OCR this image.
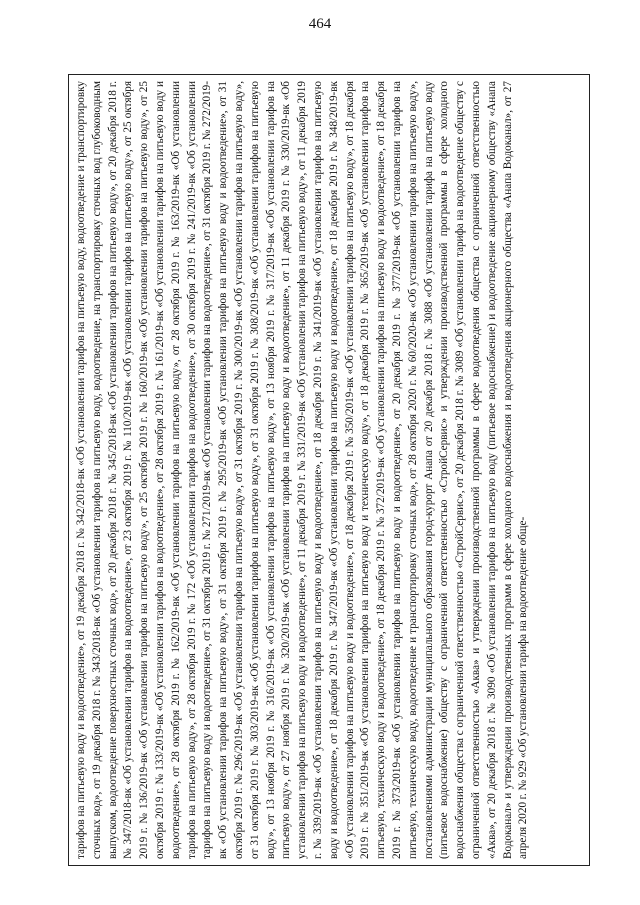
464

тарифов на питьевую воду и водоотведение», от 19 декабря 2018 г. № 342/2018-вк «Об установлении тарифов на питьевую воду, водоотведение и транспортировку сточных вод», от 19 декабря 2018 г. № 343/2018-вк «Об установлении тарифов на питьевую воду, водоотведение, на транспортировку сточных вод глубоководным выпуском, водоотведение поверхностных сточных вод», от 20 декабря 2018 г. № 345/2018-вк «Об установлении тарифов на питьевую воду», от 20 декабря 2018 г. № 347/2018-вк «Об установлении тарифов на водоотведение», от 23 октября 2019 г. № 110/2019-вк «Об установлении тарифов на питьевую воду», от 25 октября 2019 г. № 136/2019-вк «Об установлении тарифов на питьевую воду», от 25 октября 2019 г. № 160/2019-вк «Об установлении тарифов на питьевую воду», от 25 октября 2019 г. № 133/2019-вк «Об установлении тарифов на водоотведение», от 28 октября 2019 г. № 161/2019-вк «Об установлении тарифов на питьевую воду и водоотведение», от 28 октября 2019 г. № 162/2019-вк «Об установлении тарифов на питьевую воду», от 28 октября 2019 г. № 163/2019-вк «Об установлении тарифов на питьевую воду», от 28 октября 2019 г. № 172 «Об установлении тарифов на водоотведение», от 30 октября 2019 г. № 241/2019-вк «Об установлении тарифов на питьевую воду и водоотведение», от 31 октября 2019 г. № 271/2019-вк «Об установлении тарифов на водоотведение», от 31 октября 2019 г. № 272/2019-вк «Об установлении тарифов на питьевую воду», от 31 октября 2019 г. № 295/2019-вк «Об установлении тарифов на питьевую воду и водоотведение», от 31 октября 2019 г. № 296/2019-вк «Об установлении тарифов на питьевую воду», от 31 октября 2019 г. № 300/2019-вк «Об установлении тарифов на питьевую воду», от 31 октября 2019 г. № 303/2019-вк «Об установлении тарифов на питьевую воду», от 31 октября 2019 г. № 308/2019-вк «Об установлении тарифов на питьевую воду», от 13 ноября 2019 г. № 316/2019-вк «Об установлении тарифов на питьевую воду», от 13 ноября 2019 г. № 317/2019-вк «Об установлении тарифов на питьевую воду», от 27 ноября 2019 г. № 320/2019-вк «Об установлении тарифов на питьевую воду и водоотведение», от 11 декабря 2019 г. № 330/2019-вк «Об установлении тарифов на питьевую воду и водоотведение», от 11 декабря 2019 г. № 331/2019-вк «Об установлении тарифов на питьевую воду», от 11 декабря 2019 г. № 339/2019-вк «Об установлении тарифов на питьевую воду и водоотведение», от 18 декабря 2019 г. № 341/2019-вк «Об установлении тарифов на питьевую воду и водоотведение», от 18 декабря 2019 г. № 347/2019-вк «Об установлении тарифов на питьевую воду и водоотведение», от 18 декабря 2019 г. № 348/2019-вк «Об установлении тарифов на питьевую воду и водоотведение», от 18 декабря 2019 г. № 350/2019-вк «Об установлении тарифов на питьевую воду», от 18 декабря 2019 г. № 351/2019-вк «Об установлении тарифов на питьевую воду и техническую воду», от 18 декабря 2019 г. № 365/2019-вк «Об установлении тарифов на питьевую, техническую воду и водоотведение», от 18 декабря 2019 г. № 372/2019-вк «Об установлении тарифов на питьевую воду и водоотведение», от 18 декабря 2019 г. № 373/2019-вк «Об установлении тарифов на питьевую воду и водоотведение», от 20 декабря 2019 г. № 377/2019-вк «Об установлении тарифов на питьевую, техническую воду, водоотведение и транспортировку сточных вод», от 28 октября 2020 г. № 60/2020-вк «Об установлении тарифов на питьевую воду», постановлениями администрации муниципального образования город-курорт Анапа от 20 декабря 2018 г. № 3088 «Об установлении тарифа на питьевую воду (питьевое водоснабжение) обществу с ограниченной ответственностью «СтройСервис» и утверждении производственной программы в сфере холодного водоснабжения общества с ограниченной ответственностью «СтройСервис», от 20 декабря 2018 г. № 3089 «Об установлении тарифа на водоотведение обществу с ограниченной ответственностью «Аква» и утверждении производственной программы в сфере водоотведения общества с ограниченной ответственностью «Аква», от 20 декабря 2018 г. № 3090 «Об установлении тарифов на питьевую воду (питьевое водоснабжение) и водоотведение акционерному обществу «Анапа Водоканал» и утверждении производственных программ в сфере холодного водоснабжения и водоотведения акционерного общества «Анапа Водоканал», от 27 апреля 2020 г. № 929 «Об установлении тарифа на водоотведение обще-
